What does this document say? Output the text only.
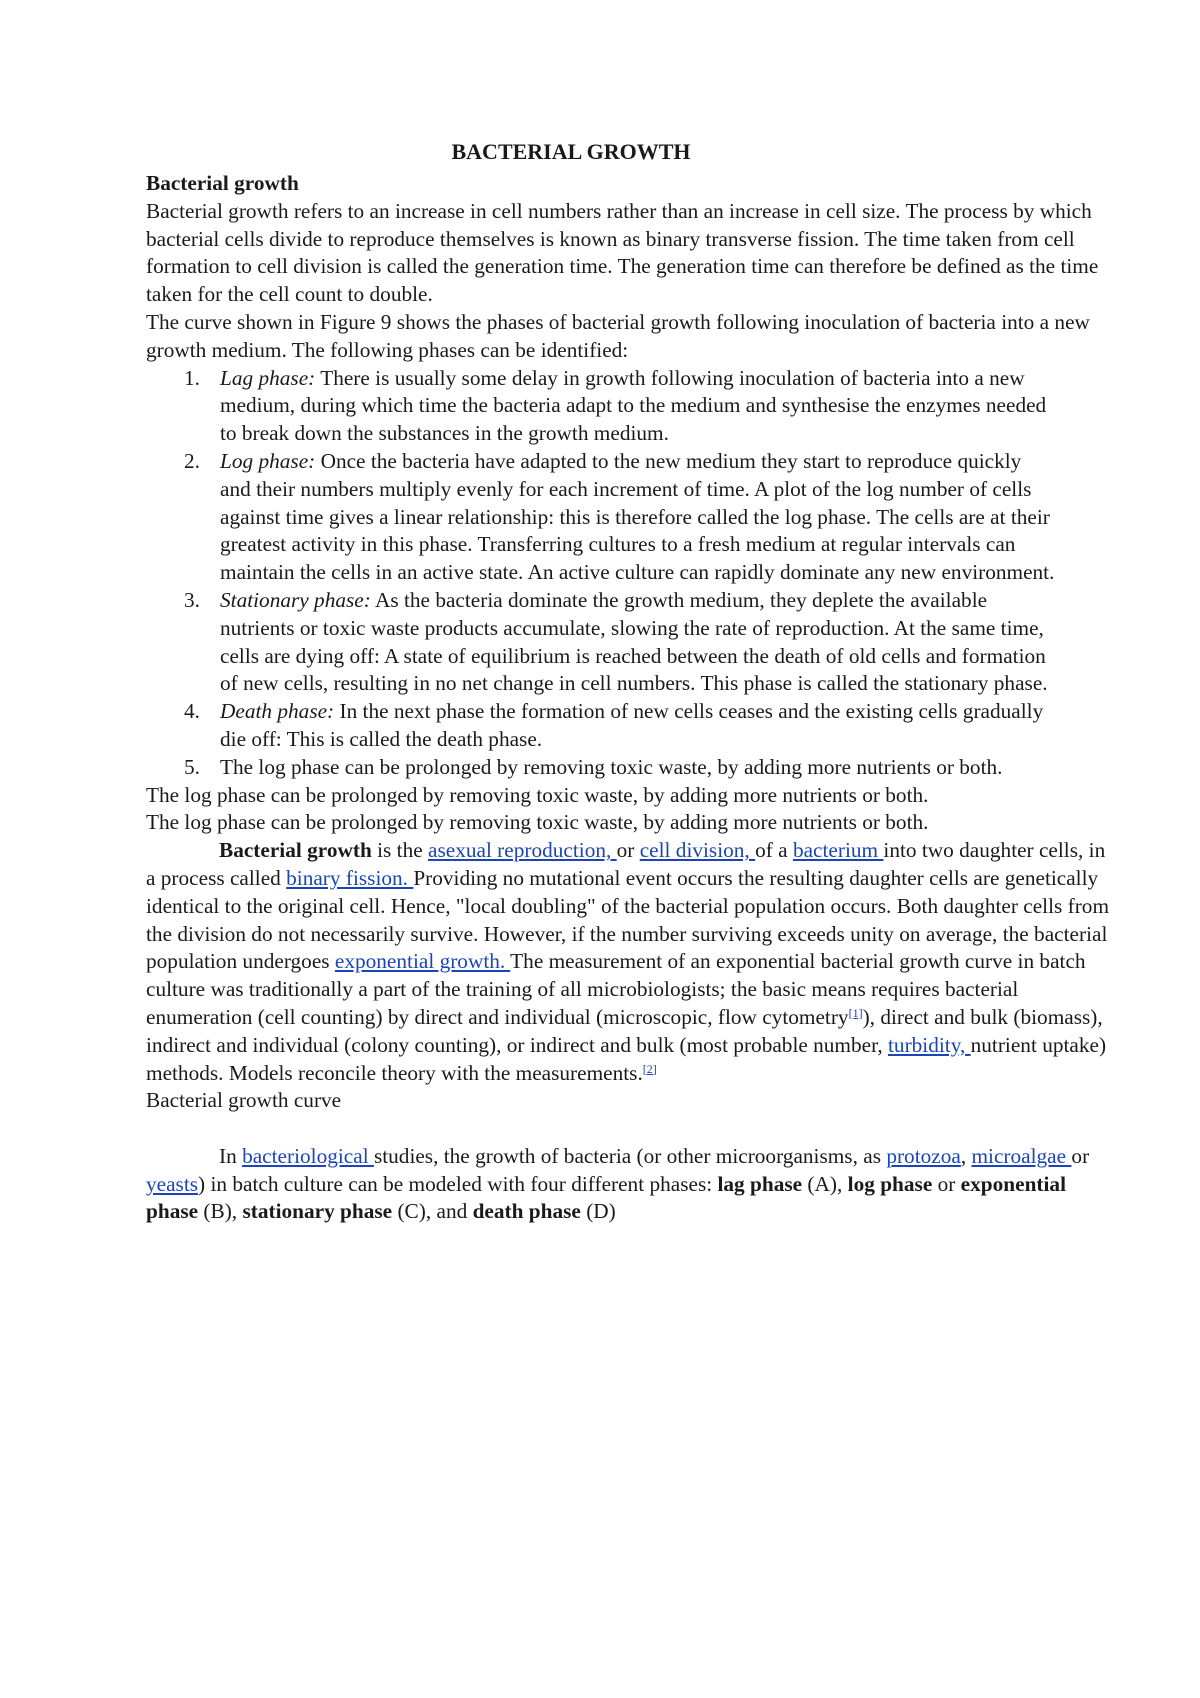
BACTERIAL GROWTH

Bacterial growth

Bacterial growth refers to an increase in cell numbers rather than an increase in cell size. The process by which bacterial cells divide to reproduce themselves is known as binary transverse fission. The time taken from cell formation to cell division is called the generation time. The generation time can therefore be defined as the time taken for the cell count to double.

The curve shown in Figure 9 shows the phases of bacterial growth following inoculation of bacteria into a new growth medium. The following phases can be identified:

1. Lag phase: There is usually some delay in growth following inoculation of bacteria into a new medium, during which time the bacteria adapt to the medium and synthesise the enzymes needed to break down the substances in the growth medium.
2. Log phase: Once the bacteria have adapted to the new medium they start to reproduce quickly and their numbers multiply evenly for each increment of time. A plot of the log number of cells against time gives a linear relationship: this is therefore called the log phase. The cells are at their greatest activity in this phase. Transferring cultures to a fresh medium at regular intervals can maintain the cells in an active state. An active culture can rapidly dominate any new environment.
3. Stationary phase: As the bacteria dominate the growth medium, they deplete the available nutrients or toxic waste products accumulate, slowing the rate of reproduction. At the same time, cells are dying off: A state of equilibrium is reached between the death of old cells and formation of new cells, resulting in no net change in cell numbers. This phase is called the stationary phase.
4. Death phase: In the next phase the formation of new cells ceases and the existing cells gradually die off: This is called the death phase.
5. The log phase can be prolonged by removing toxic waste, by adding more nutrients or both.

The log phase can be prolonged by removing toxic waste, by adding more nutrients or both.

The log phase can be prolonged by removing toxic waste, by adding more nutrients or both.

Bacterial growth is the asexual reproduction, or cell division, of a bacterium into two daughter cells, in a process called binary fission. Providing no mutational event occurs the resulting daughter cells are genetically identical to the original cell. Hence, "local doubling" of the bacterial population occurs. Both daughter cells from the division do not necessarily survive. However, if the number surviving exceeds unity on average, the bacterial population undergoes exponential growth. The measurement of an exponential bacterial growth curve in batch culture was traditionally a part of the training of all microbiologists; the basic means requires bacterial enumeration (cell counting) by direct and individual (microscopic, flow cytometry[1]), direct and bulk (biomass), indirect and individual (colony counting), or indirect and bulk (most probable number, turbidity, nutrient uptake) methods. Models reconcile theory with the measurements.[2]

Bacterial growth curve

In bacteriological studies, the growth of bacteria (or other microorganisms, as protozoa, microalgae or yeasts) in batch culture can be modeled with four different phases: lag phase (A), log phase or exponential phase (B), stationary phase (C), and death phase (D)
